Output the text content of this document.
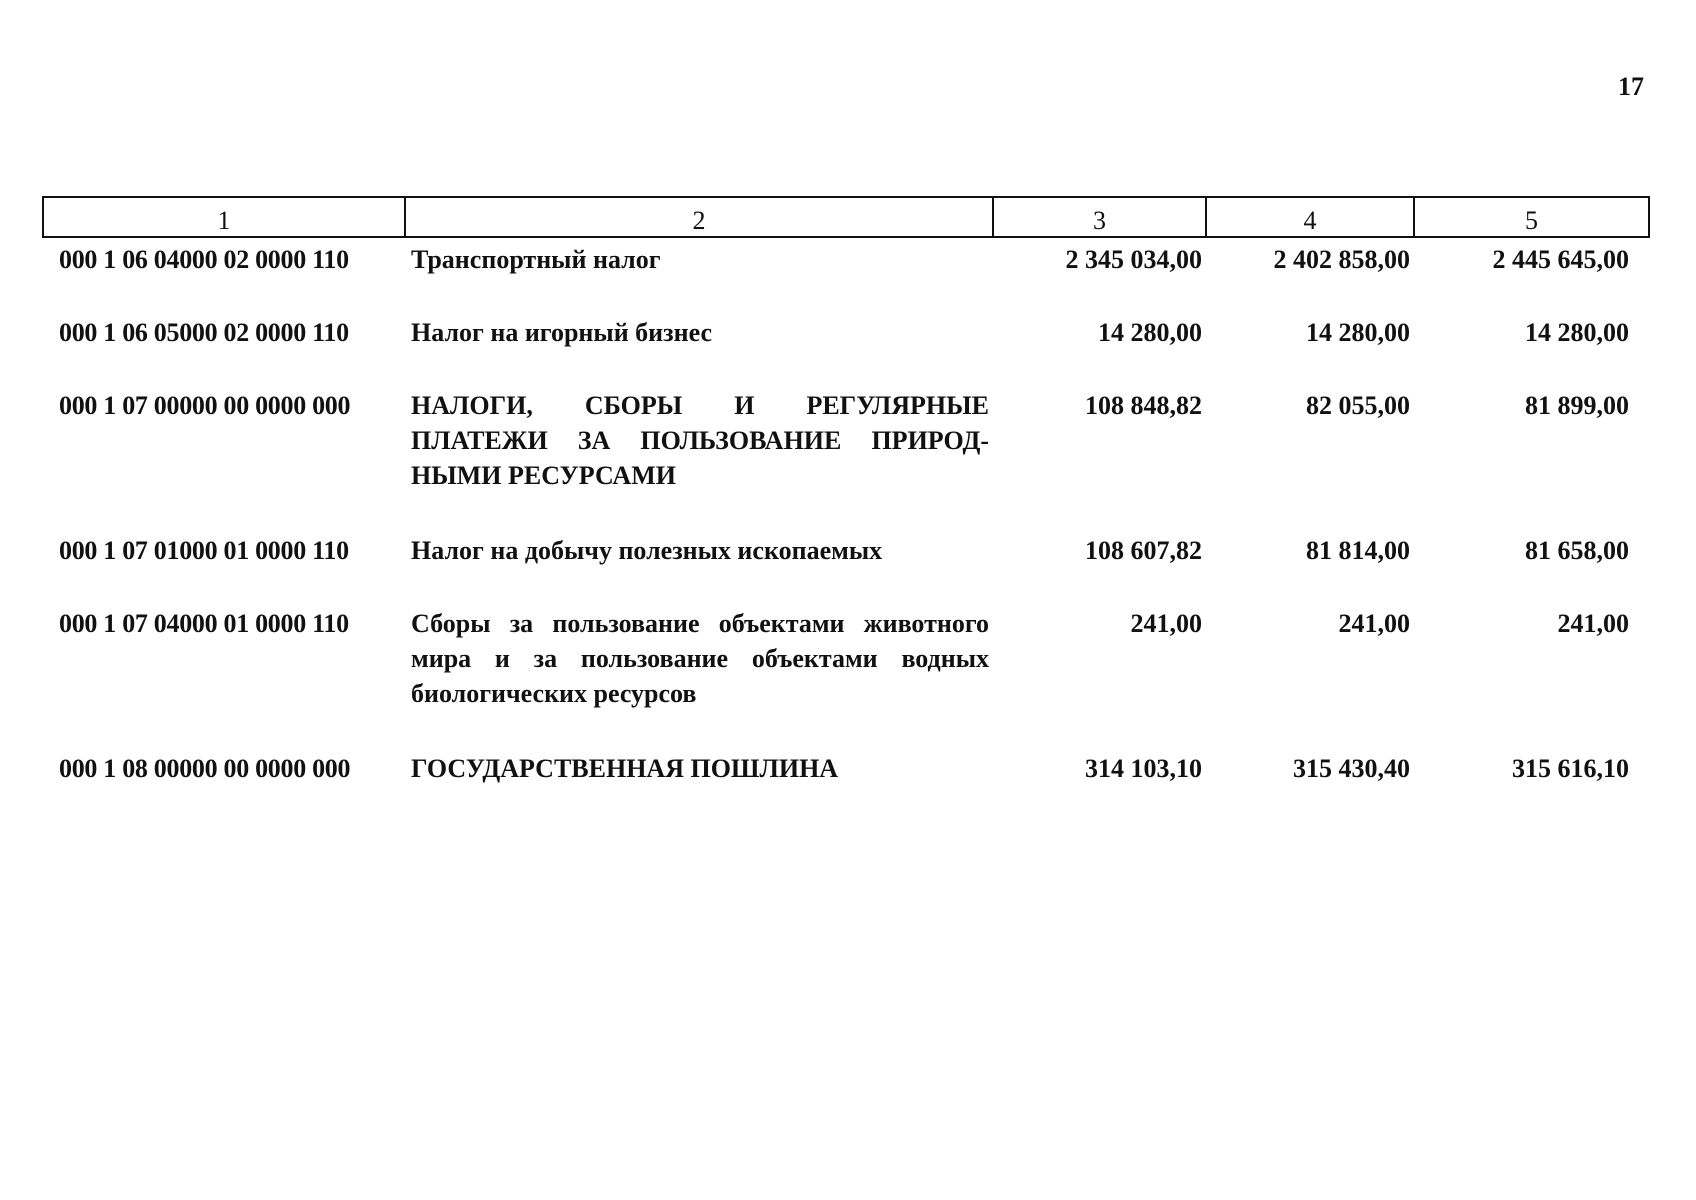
17
1	2	3	4	5
000 1 06 04000 02 0000 110	Транспортный налог	2 345 034,00	2 402 858,00	2 445 645,00

000 1 06 05000 02 0000 110	Налог на игорный бизнес	14 280,00	14 280,00	14 280,00

000 1 07 00000 00 0000 000	НАЛОГИ, СБОРЫ И РЕГУЛЯРНЫЕ ПЛАТЕЖИ ЗА ПОЛЬЗОВАНИЕ ПРИРОД-НЫМИ РЕСУРСАМИ	108 848,82	82 055,00	81 899,00

000 1 07 01000 01 0000 110	Налог на добычу полезных ископаемых	108 607,82	81 814,00	81 658,00

000 1 07 04000 01 0000 110	Сборы за пользование объектами животного мира и за пользование объектами водных биологических ресурсов	241,00	241,00	241,00

000 1 08 00000 00 0000 000	ГОСУДАРСТВЕННАЯ ПОШЛИНА	314 103,10	315 430,40	315 616,10
